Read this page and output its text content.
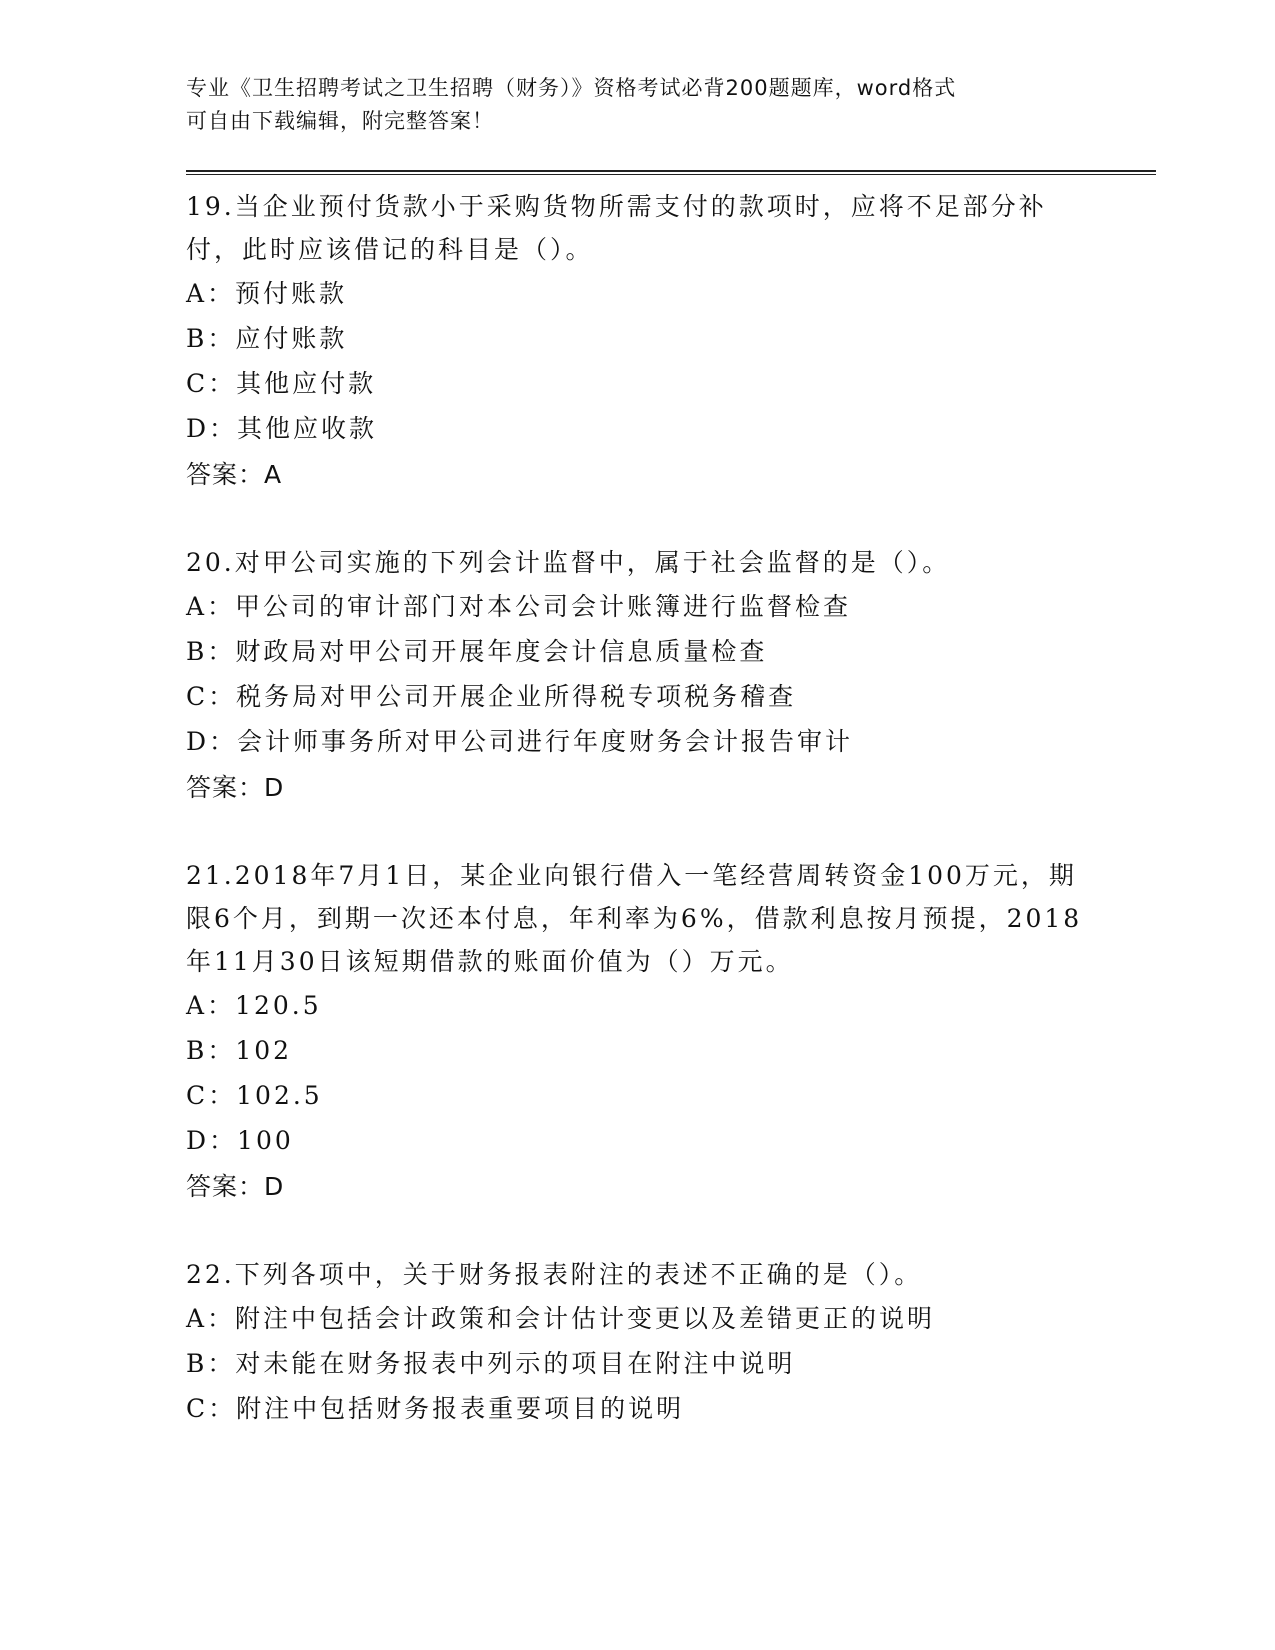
专业《卫生招聘考试之卫生招聘（财务）》资格考试必背200题题库，word格式
可自由下载编辑，附完整答案！
19.当企业预付货款小于采购货物所需支付的款项时，应将不足部分补付，此时应该借记的科目是（）。
A：预付账款
B：应付账款
C：其他应付款
D：其他应收款
答案：A
20.对甲公司实施的下列会计监督中，属于社会监督的是（）。
A：甲公司的审计部门对本公司会计账簿进行监督检查
B：财政局对甲公司开展年度会计信息质量检查
C：税务局对甲公司开展企业所得税专项税务稽查
D：会计师事务所对甲公司进行年度财务会计报告审计
答案：D
21.2018年7月1日，某企业向银行借入一笔经营周转资金100万元，期限6个月，到期一次还本付息，年利率为6%，借款利息按月预提，2018年11月30日该短期借款的账面价值为（）万元。
A：120.5
B：102
C：102.5
D：100
答案：D
22.下列各项中，关于财务报表附注的表述不正确的是（）。
A：附注中包括会计政策和会计估计变更以及差错更正的说明
B：对未能在财务报表中列示的项目在附注中说明
C：附注中包括财务报表重要项目的说明
